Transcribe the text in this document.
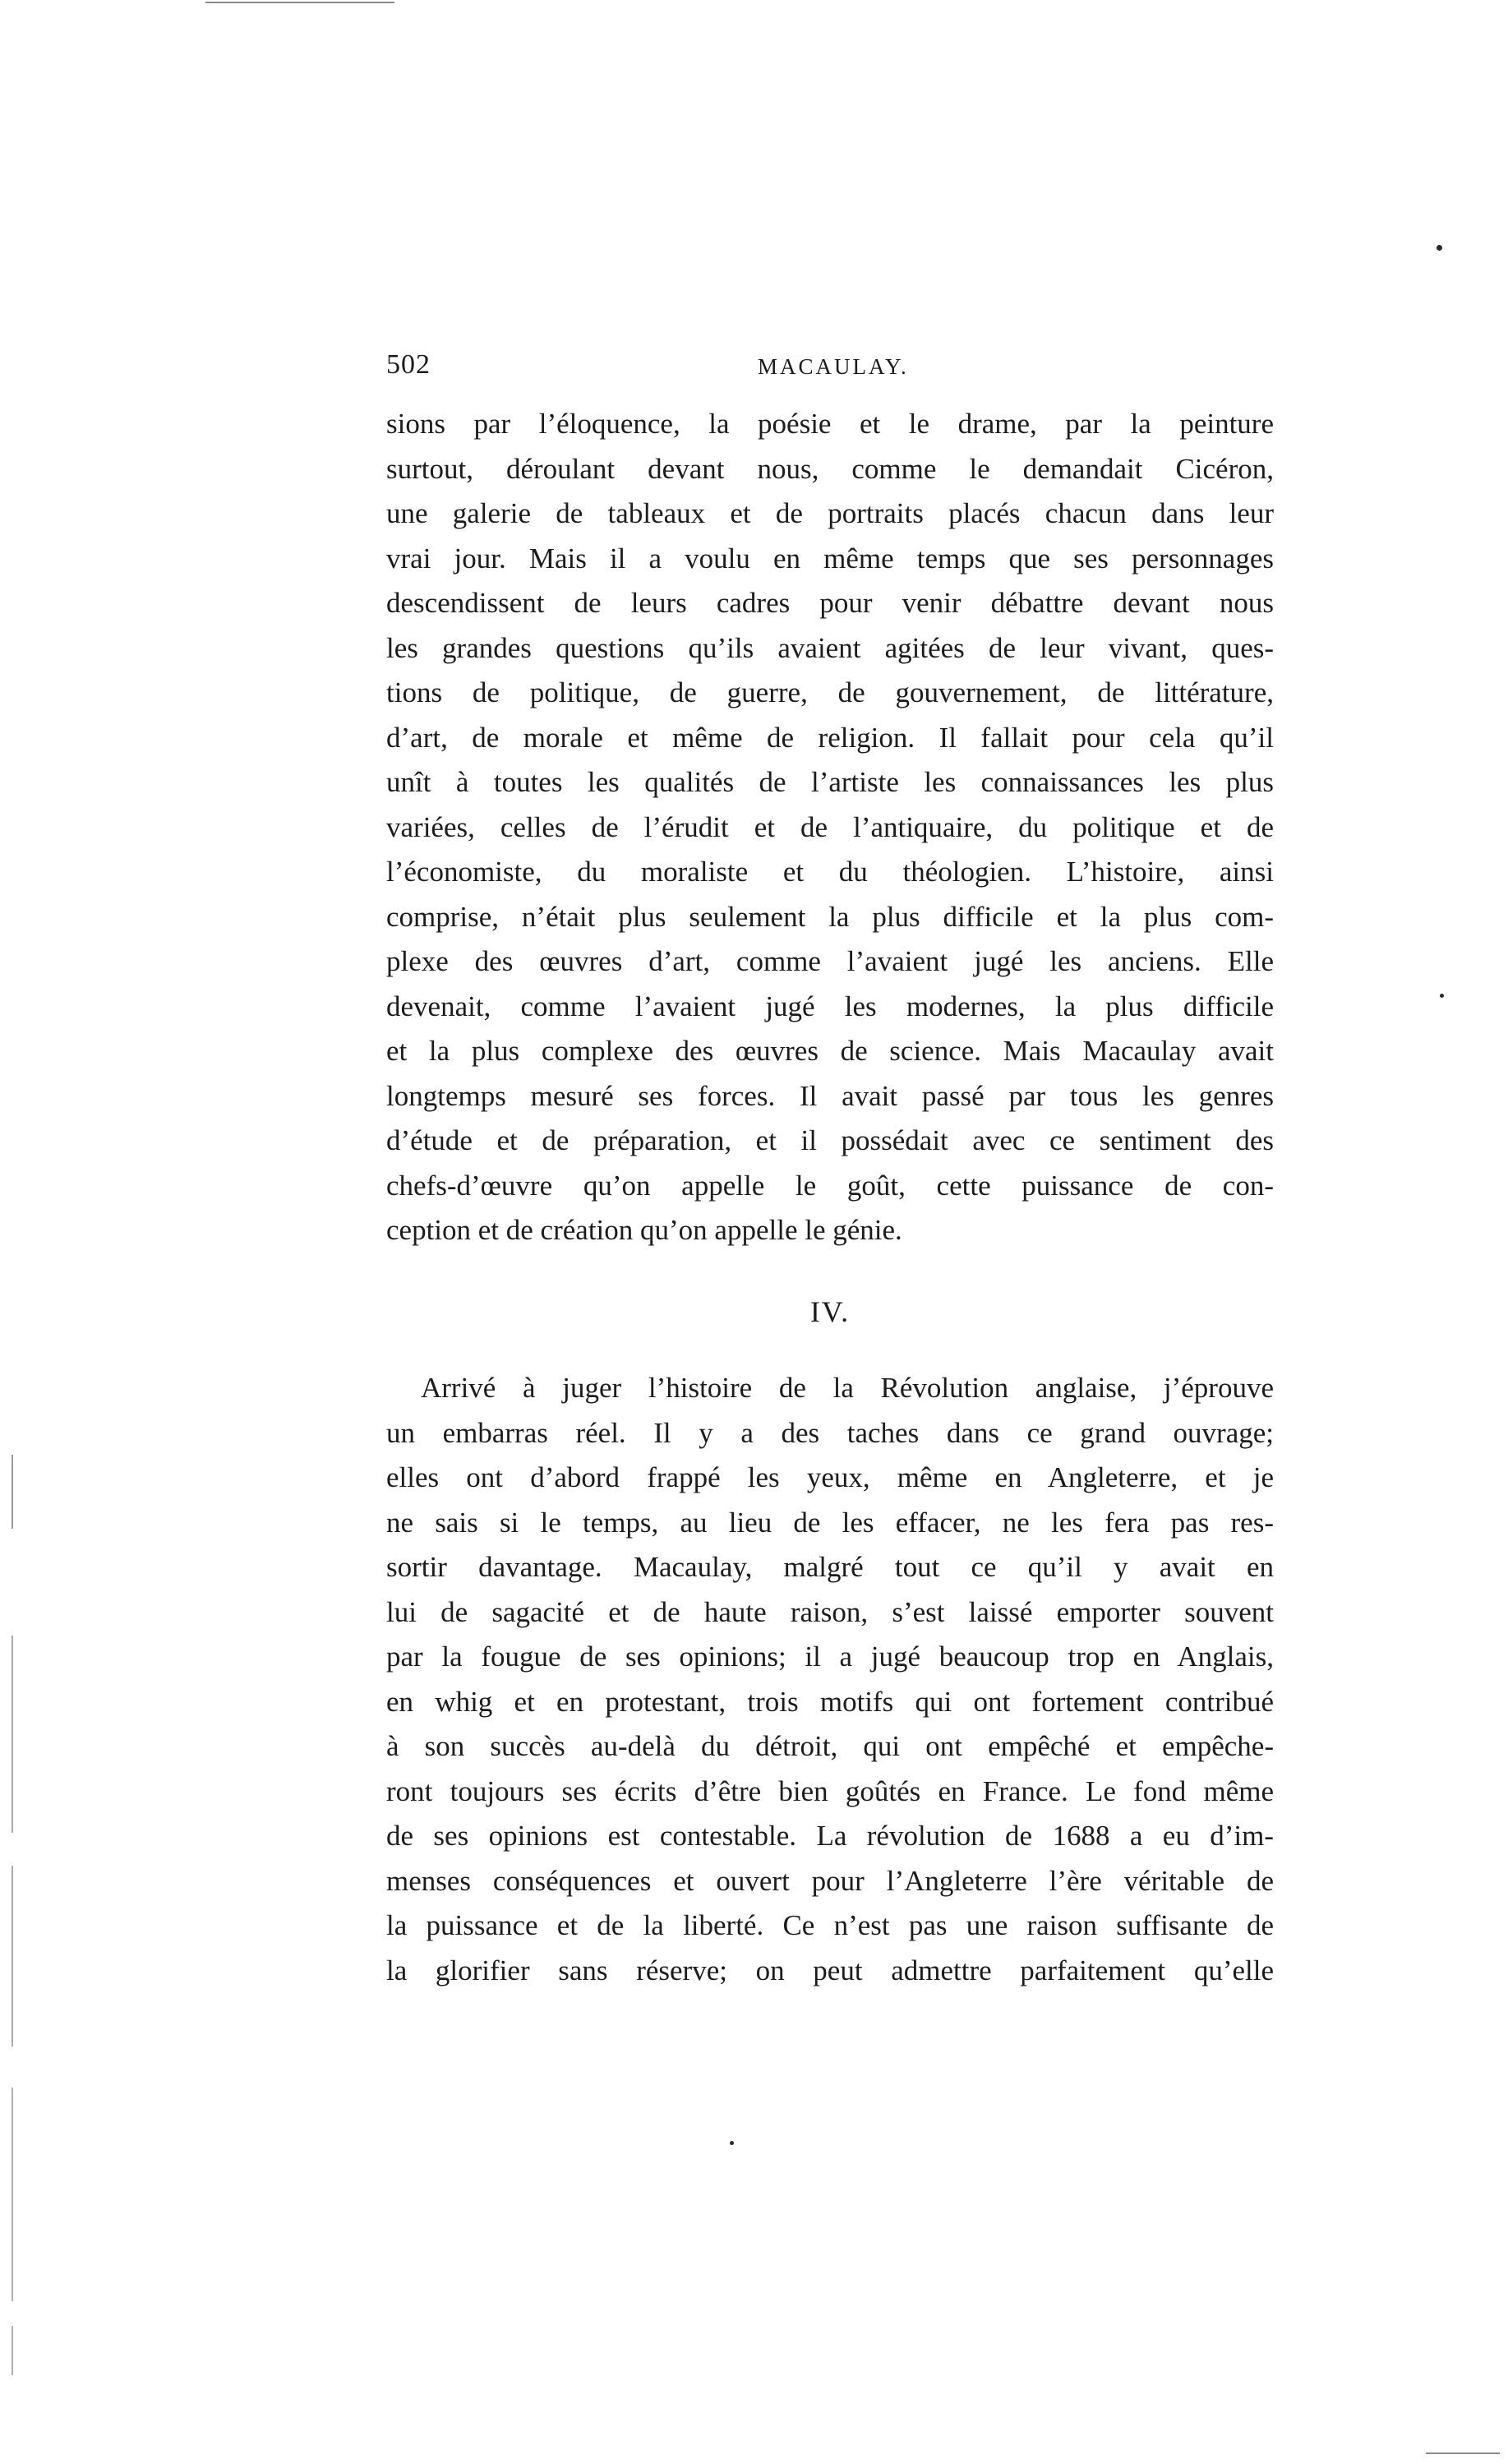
502	MACAULAY.
sions par l’éloquence, la poésie et le drame, par la peinture
surtout, déroulant devant nous, comme le demandait Cicéron,
une galerie de tableaux et de portraits placés chacun dans leur
vrai jour. Mais il a voulu en même temps que ses personnages
descendissent de leurs cadres pour venir débattre devant nous
les grandes questions qu’ils avaient agitées de leur vivant, ques-
tions de politique, de guerre, de gouvernement, de littérature,
d’art, de morale et même de religion. Il fallait pour cela qu’il
unît à toutes les qualités de l’artiste les connaissances les plus
variées, celles de l’érudit et de l’antiquaire, du politique et de
l’économiste, du moraliste et du théologien. L’histoire, ainsi
comprise, n’était plus seulement la plus difficile et la plus com-
plexe des œuvres d’art, comme l’avaient jugé les anciens. Elle
devenait, comme l’avaient jugé les modernes, la plus difficile
et la plus complexe des œuvres de science. Mais Macaulay avait
longtemps mesuré ses forces. Il avait passé par tous les genres
d’étude et de préparation, et il possédait avec ce sentiment des
chefs-d’œuvre qu’on appelle le goût, cette puissance de con-
ception et de création qu’on appelle le génie.
IV.
Arrivé à juger l’histoire de la Révolution anglaise, j’éprouve
un embarras réel. Il y a des taches dans ce grand ouvrage;
elles ont d’abord frappé les yeux, même en Angleterre, et je
ne sais si le temps, au lieu de les effacer, ne les fera pas res-
sortir davantage. Macaulay, malgré tout ce qu’il y avait en
lui de sagacité et de haute raison, s’est laissé emporter souvent
par la fougue de ses opinions; il a jugé beaucoup trop en Anglais,
en whig et en protestant, trois motifs qui ont fortement contribué
à son succès au-delà du détroit, qui ont empêché et empêche-
ront toujours ses écrits d’être bien goûtés en France. Le fond même
de ses opinions est contestable. La révolution de 1688 a eu d’im-
menses conséquences et ouvert pour l’Angleterre l’ère véritable de
la puissance et de la liberté. Ce n’est pas une raison suffisante de
la glorifier sans réserve; on peut admettre parfaitement qu’elle
